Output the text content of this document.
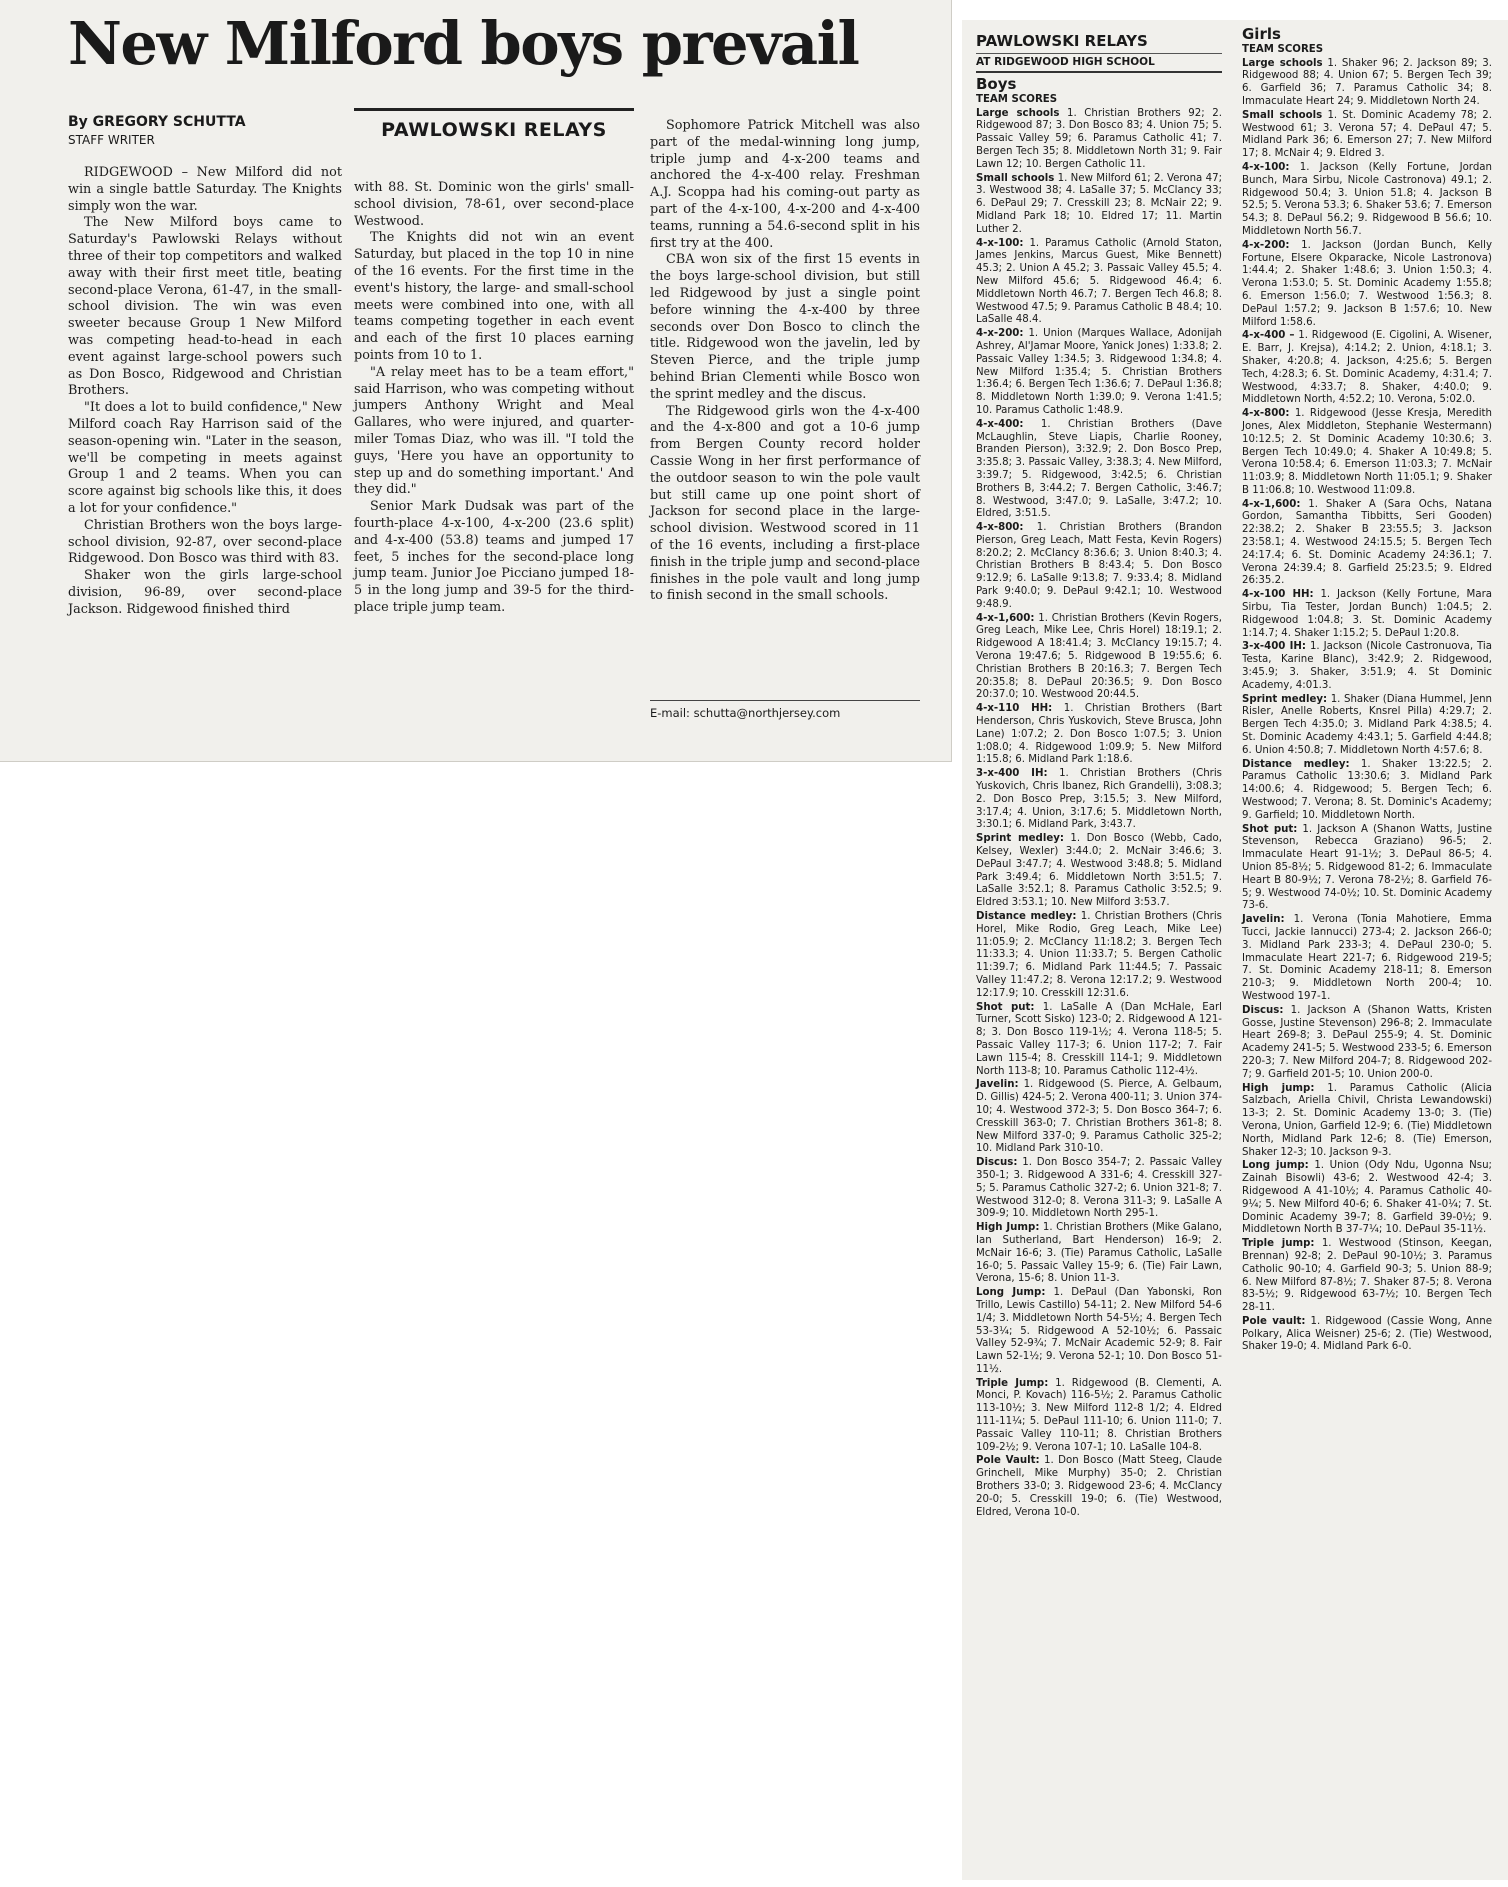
New Milford boys prevail
By GREGORY SCHUTTA
STAFF WRITER

RIDGEWOOD – New Milford did not win a single battle Saturday. The Knights simply won the war.

The New Milford boys came to Saturday's Pawlowski Relays without three of their top competitors and walked away with their first meet title, beating second-place Verona, 61-47, in the small-school division. The win was even sweeter because Group 1 New Milford was competing head-to-head in each event against large-school powers such as Don Bosco, Ridgewood and Christian Brothers.

"It does a lot to build confidence," New Milford coach Ray Harrison said of the season-opening win. "Later in the season, we'll be competing in meets against Group 1 and 2 teams. When you can score against big schools like this, it does a lot for your confidence."

Christian Brothers won the boys large-school division, 92-87, over second-place Ridgewood. Don Bosco was third with 83.

Shaker won the girls large-school division, 96-89, over second-place Jackson. Ridgewood finished third

PAWLOWSKI RELAYS

with 88. St. Dominic won the girls' small-school division, 78-61, over second-place Westwood.

The Knights did not win an event Saturday, but placed in the top 10 in nine of the 16 events. For the first time in the event's history, the large- and small-school meets were combined into one, with all teams competing together in each event and each of the first 10 places earning points from 10 to 1.

"A relay meet has to be a team effort," said Harrison, who was competing without jumpers Anthony Wright and Meal Gallares, who were injured, and quarter-miler Tomas Diaz, who was ill. "I told the guys, 'Here you have an opportunity to step up and do something important.' And they did."

Senior Mark Dudsak was part of the fourth-place 4-x-100, 4-x-200 (23.6 split) and 4-x-400 (53.8) teams and jumped 17 feet, 5 inches for the second-place long jump team. Junior Joe Picciano jumped 18-5 in the long jump and 39-5 for the third-place triple jump team.

Sophomore Patrick Mitchell was also part of the medal-winning long jump, triple jump and 4-x-200 teams and anchored the 4-x-400 relay. Freshman A.J. Scoppa had his coming-out party as part of the 4-x-100, 4-x-200 and 4-x-400 teams, running a 54.6-second split in his first try at the 400.

CBA won six of the first 15 events in the boys large-school division, but still led Ridgewood by just a single point before winning the 4-x-400 by three seconds over Don Bosco to clinch the title. Ridgewood won the javelin, led by Steven Pierce, and the triple jump behind Brian Clementi while Bosco won the sprint medley and the discus.

The Ridgewood girls won the 4-x-400 and the 4-x-800 and got a 10-6 jump from Bergen County record holder Cassie Wong in her first performance of the outdoor season to win the pole vault but still came up one point short of Jackson for second place in the large-school division. Westwood scored in 11 of the 16 events, including a first-place finish in the triple jump and second-place finishes in the pole vault and long jump to finish second in the small schools.

E-mail: schutta@northjersey.com
PAWLOWSKI RELAYS
AT RIDGEWOOD HIGH SCHOOL
Boys
TEAM SCORES
Large schools 1. Christian Brothers 92; 2. Ridgewood 87; 3. Don Bosco 83; 4. Union 75; 5. Passaic Valley 59; 6. Paramus Catholic 41; 7. Bergen Tech 35; 8. Middletown North 31; 9. Fair Lawn 12; 10. Bergen Catholic 11.
Small schools 1. New Milford 61; 2. Verona 47; 3. Westwood 38; 4. LaSalle 37; 5. McClancy 33; 6. DePaul 29; 7. Cresskill 23; 8. McNair 22; 9. Midland Park 18; 10. Eldred 17; 11. Martin Luther 2.
4-x-100: 1. Paramus Catholic (Arnold Staton, James Jenkins, Marcus Guest, Mike Bennett) 45.3; 2. Union A 45.2; 3. Passaic Valley 45.5; 4. New Milford 45.6; 5. Ridgewood 46.4; 6. Middletown North 46.7; 7. Bergen Tech 46.8; 8. Westwood 47.5; 9. Paramus Catholic B 48.4; 10. LaSalle 48.4.
4-x-200: 1. Union (Marques Wallace, Adonijah Ashrey, Al'Jamar Moore, Yanick Jones) 1:33.8; 2. Passaic Valley 1:34.5; 3. Ridgewood 1:34.8; 4. New Milford 1:35.4; 5. Christian Brothers 1:36.4; 6. Bergen Tech 1:36.6; 7. DePaul 1:36.8; 8. Middletown North 1:39.0; 9. Verona 1:41.5; 10. Paramus Catholic 1:48.9.
4-x-400: 1. Christian Brothers (Dave McLaughlin, Steve Liapis, Charlie Rooney, Branden Pierson), 3:32.9; 2. Don Bosco Prep, 3:35.8; 3. Passaic Valley, 3:38.3; 4. New Milford, 3:39.7; 5. Ridgewood, 3:42.5; 6. Christian Brothers B, 3:44.2; 7. Bergen Catholic, 3:46.7; 8. Westwood, 3:47.0; 9. LaSalle, 3:47.2; 10. Eldred, 3:51.5.
4-x-800: 1. Christian Brothers (Brandon Pierson, Greg Leach, Matt Festa, Kevin Rogers) 8:20.2; 2. McClancy 8:36.6; 3. Union 8:40.3; 4. Christian Brothers B 8:43.4; 5. Don Bosco 9:12.9; 6. LaSalle 9:13.8; 7. 9:33.4; 8. Midland Park 9:40.0; 9. DePaul 9:42.1; 10. Westwood 9:48.9.
4-x-1,600: 1. Christian Brothers (Kevin Rogers, Greg Leach, Mike Lee, Chris Horel) 18:19.1; 2. Ridgewood A 18:41.4; 3. McClancy 19:15.7; 4. Verona 19:47.6; 5. Ridgewood B 19:55.6; 6. Christian Brothers B 20:16.3; 7. Bergen Tech 20:35.8; 8. DePaul 20:36.5; 9. Don Bosco 20:37.0; 10. Westwood 20:44.5.
4-x-110 HH: 1. Christian Brothers (Bart Henderson, Chris Yuskovich, Steve Brusca, John Lane) 1:07.2; 2. Don Bosco 1:07.5; 3. Union 1:08.0; 4. Ridgewood 1:09.9; 5. New Milford 1:15.8; 6. Midland Park 1:18.6.
3-x-400 IH: 1. Christian Brothers (Chris Yuskovich, Chris Ibanez, Rich Grandelli), 3:08.3; 2. Don Bosco Prep, 3:15.5; 3. New Milford, 3:17.4; 4. Union, 3:17.6; 5. Middletown North, 3:30.1; 6. Midland Park, 3:43.7.
Sprint medley: 1. Don Bosco (Webb, Cado, Kelsey, Wexler) 3:44.0; 2. McNair 3:46.6; 3. DePaul 3:47.7; 4. Westwood 3:48.8; 5. Midland Park 3:49.4; 6. Middletown North 3:51.5; 7. LaSalle 3:52.1; 8. Paramus Catholic 3:52.5; 9. Eldred 3:53.1; 10. New Milford 3:53.7.
Distance medley: 1. Christian Brothers (Chris Horel, Mike Rodio, Greg Leach, Mike Lee) 11:05.9; 2. McClancy 11:18.2; 3. Bergen Tech 11:33.3; 4. Union 11:33.7; 5. Bergen Catholic 11:39.7; 6. Midland Park 11:44.5; 7. Passaic Valley 11:47.2; 8. Verona 12:17.2; 9. Westwood 12:17.9; 10. Cresskill 12:31.6.
Shot put: 1. LaSalle A (Dan McHale, Earl Turner, Scott Sisko) 123-0; 2. Ridgewood A 121-8; 3. Don Bosco 119-1½; 4. Verona 118-5; 5. Passaic Valley 117-3; 6. Union 117-2; 7. Fair Lawn 115-4; 8. Cresskill 114-1; 9. Middletown North 113-8; 10. Paramus Catholic 112-4½.
Javelin: 1. Ridgewood (S. Pierce, A. Gelbaum, D. Gillis) 424-5; 2. Verona 400-11; 3. Union 374-10; 4. Westwood 372-3; 5. Don Bosco 364-7; 6. Cresskill 363-0; 7. Christian Brothers 361-8; 8. New Milford 337-0; 9. Paramus Catholic 325-2; 10. Midland Park 310-10.
Discus: 1. Don Bosco 354-7; 2. Passaic Valley 350-1; 3. Ridgewood A 331-6; 4. Cresskill 327-5; 5. Paramus Catholic 327-2; 6. Union 321-8; 7. Westwood 312-0; 8. Verona 311-3; 9. LaSalle A 309-9; 10. Middletown North 295-1.
High Jump: 1. Christian Brothers (Mike Galano, Ian Sutherland, Bart Henderson) 16-9; 2. McNair 16-6; 3. (Tie) Paramus Catholic, LaSalle 16-0; 5. Passaic Valley 15-9; 6. (Tie) Fair Lawn, Verona, 15-6; 8. Union 11-3.
Long Jump: 1. DePaul (Dan Yabonski, Ron Trillo, Lewis Castillo) 54-11; 2. New Milford 54-6 1/4; 3. Middletown North 54-5½; 4. Bergen Tech 53-3¼; 5. Ridgewood A 52-10½; 6. Passaic Valley 52-9¾; 7. McNair Academic 52-9; 8. Fair Lawn 52-1½; 9. Verona 52-1; 10. Don Bosco 51-11½.
Triple Jump: 1. Ridgewood (B. Clementi, A. Monci, P. Kovach) 116-5½; 2. Paramus Catholic 113-10½; 3. New Milford 112-8 1/2; 4. Eldred 111-11¼; 5. DePaul 111-10; 6. Union 111-0; 7. Passaic Valley 110-11; 8. Christian Brothers 109-2½; 9. Verona 107-1; 10. LaSalle 104-8.
Pole Vault: 1. Don Bosco (Matt Steeg, Claude Grinchell, Mike Murphy) 35-0; 2. Christian Brothers 33-0; 3. Ridgewood 23-6; 4. McClancy 20-0; 5. Cresskill 19-0; 6. (Tie) Westwood, Eldred, Verona 10-0.
Girls
TEAM SCORES
Large schools 1. Shaker 96; 2. Jackson 89; 3. Ridgewood 88; 4. Union 67; 5. Bergen Tech 39; 6. Garfield 36; 7. Paramus Catholic 34; 8. Immaculate Heart 24; 9. Middletown North 24.
Small schools 1. St. Dominic Academy 78; 2. Westwood 61; 3. Verona 57; 4. DePaul 47; 5. Midland Park 36; 6. Emerson 27; 7. New Milford 17; 8. McNair 4; 9. Eldred 3.
4-x-100: 1. Jackson (Kelly Fortune, Jordan Bunch, Mara Sirbu, Nicole Castronova) 49.1; 2. Ridgewood 50.4; 3. Union 51.8; 4. Jackson B 52.5; 5. Verona 53.3; 6. Shaker 53.6; 7. Emerson 54.3; 8. DePaul 56.2; 9. Ridgewood B 56.6; 10. Middletown North 56.7.
4-x-200: 1. Jackson (Jordan Bunch, Kelly Fortune, Elsere Okparacke, Nicole Lastronova) 1:44.4; 2. Shaker 1:48.6; 3. Union 1:50.3; 4. Verona 1:53.0; 5. St. Dominic Academy 1:55.8; 6. Emerson 1:56.0; 7. Westwood 1:56.3; 8. DePaul 1:57.2; 9. Jackson B 1:57.6; 10. New Milford 1:58.6.
4-x-400 – 1. Ridgewood (E. Cigolini, A. Wisener, E. Barr, J. Krejsa), 4:14.2; 2. Union, 4:18.1; 3. Shaker, 4:20.8; 4. Jackson, 4:25.6; 5. Bergen Tech, 4:28.3; 6. St. Dominic Academy, 4:31.4; 7. Westwood, 4:33.7; 8. Shaker, 4:40.0; 9. Middletown North, 4:52.2; 10. Verona, 5:02.0.
4-x-800: 1. Ridgewood (Jesse Kresja, Meredith Jones, Alex Middleton, Stephanie Westermann) 10:12.5; 2. St Dominic Academy 10:30.6; 3. Bergen Tech 10:49.0; 4. Shaker A 10:49.8; 5. Verona 10:58.4; 6. Emerson 11:03.3; 7. McNair 11:03.9; 8. Middletown North 11:05.1; 9. Shaker B 11:06.8; 10. Westwood 11:09.8.
4-x-1,600: 1. Shaker A (Sara Ochs, Natana Gordon, Samantha Tibbitts, Seri Gooden) 22:38.2; 2. Shaker B 23:55.5; 3. Jackson 23:58.1; 4. Westwood 24:15.5; 5. Bergen Tech 24:17.4; 6. St. Dominic Academy 24:36.1; 7. Verona 24:39.4; 8. Garfield 25:23.5; 9. Eldred 26:35.2.
4-x-100 HH: 1. Jackson (Kelly Fortune, Mara Sirbu, Tia Tester, Jordan Bunch) 1:04.5; 2. Ridgewood 1:04.8; 3. St. Dominic Academy 1:14.7; 4. Shaker 1:15.2; 5. DePaul 1:20.8.
3-x-400 IH: 1. Jackson (Nicole Castronuova, Tia Testa, Karine Blanc), 3:42.9; 2. Ridgewood, 3:45.9; 3. Shaker, 3:51.9; 4. St Dominic Academy, 4:01.3.
Sprint medley: 1. Shaker (Diana Hummel, Jenn Risler, Anelle Roberts, Knsrel Pilla) 4:29.7; 2. Bergen Tech 4:35.0; 3. Midland Park 4:38.5; 4. St. Dominic Academy 4:43.1; 5. Garfield 4:44.8; 6. Union 4:50.8; 7. Middletown North 4:57.6; 8.
Distance medley: 1. Shaker 13:22.5; 2. Paramus Catholic 13:30.6; 3. Midland Park 14:00.6; 4. Ridgewood; 5. Bergen Tech; 6. Westwood; 7. Verona; 8. St. Dominic's Academy; 9. Garfield; 10. Middletown North.
Shot put: 1. Jackson A (Shanon Watts, Justine Stevenson, Rebecca Graziano) 96-5; 2. Immaculate Heart 91-1½; 3. DePaul 86-5; 4. Union 85-8½; 5. Ridgewood 81-2; 6. Immaculate Heart B 80-9½; 7. Verona 78-2½; 8. Garfield 76-5; 9. Westwood 74-0½; 10. St. Dominic Academy 73-6.
Javelin: 1. Verona (Tonia Mahotiere, Emma Tucci, Jackie Iannucci) 273-4; 2. Jackson 266-0; 3. Midland Park 233-3; 4. DePaul 230-0; 5. Immaculate Heart 221-7; 6. Ridgewood 219-5; 7. St. Dominic Academy 218-11; 8. Emerson 210-3; 9. Middletown North 200-4; 10. Westwood 197-1.
Discus: 1. Jackson A (Shanon Watts, Kristen Gosse, Justine Stevenson) 296-8; 2. Immaculate Heart 269-8; 3. DePaul 255-9; 4. St. Dominic Academy 241-5; 5. Westwood 233-5; 6. Emerson 220-3; 7. New Milford 204-7; 8. Ridgewood 202-7; 9. Garfield 201-5; 10. Union 200-0.
High jump: 1. Paramus Catholic (Alicia Salzbach, Ariella Chivil, Christa Lewandowski) 13-3; 2. St. Dominic Academy 13-0; 3. (Tie) Verona, Union, Garfield 12-9; 6. (Tie) Middletown North, Midland Park 12-6; 8. (Tie) Emerson, Shaker 12-3; 10. Jackson 9-3.
Long jump: 1. Union (Ody Ndu, Ugonna Nsu; Zainah Bisowli) 43-6; 2. Westwood 42-4; 3. Ridgewood A 41-10½; 4. Paramus Catholic 40-9¼; 5. New Milford 40-6; 6. Shaker 41-0¼; 7. St. Dominic Academy 39-7; 8. Garfield 39-0½; 9. Middletown North B 37-7¼; 10. DePaul 35-11½.
Triple jump: 1. Westwood (Stinson, Keegan, Brennan) 92-8; 2. DePaul 90-10½; 3. Paramus Catholic 90-10; 4. Garfield 90-3; 5. Union 88-9; 6. New Milford 87-8½; 7. Shaker 87-5; 8. Verona 83-5½; 9. Ridgewood 63-7½; 10. Bergen Tech 28-11.
Pole vault: 1. Ridgewood (Cassie Wong, Anne Polkary, Alica Weisner) 25-6; 2. (Tie) Westwood, Shaker 19-0; 4. Midland Park 6-0.
